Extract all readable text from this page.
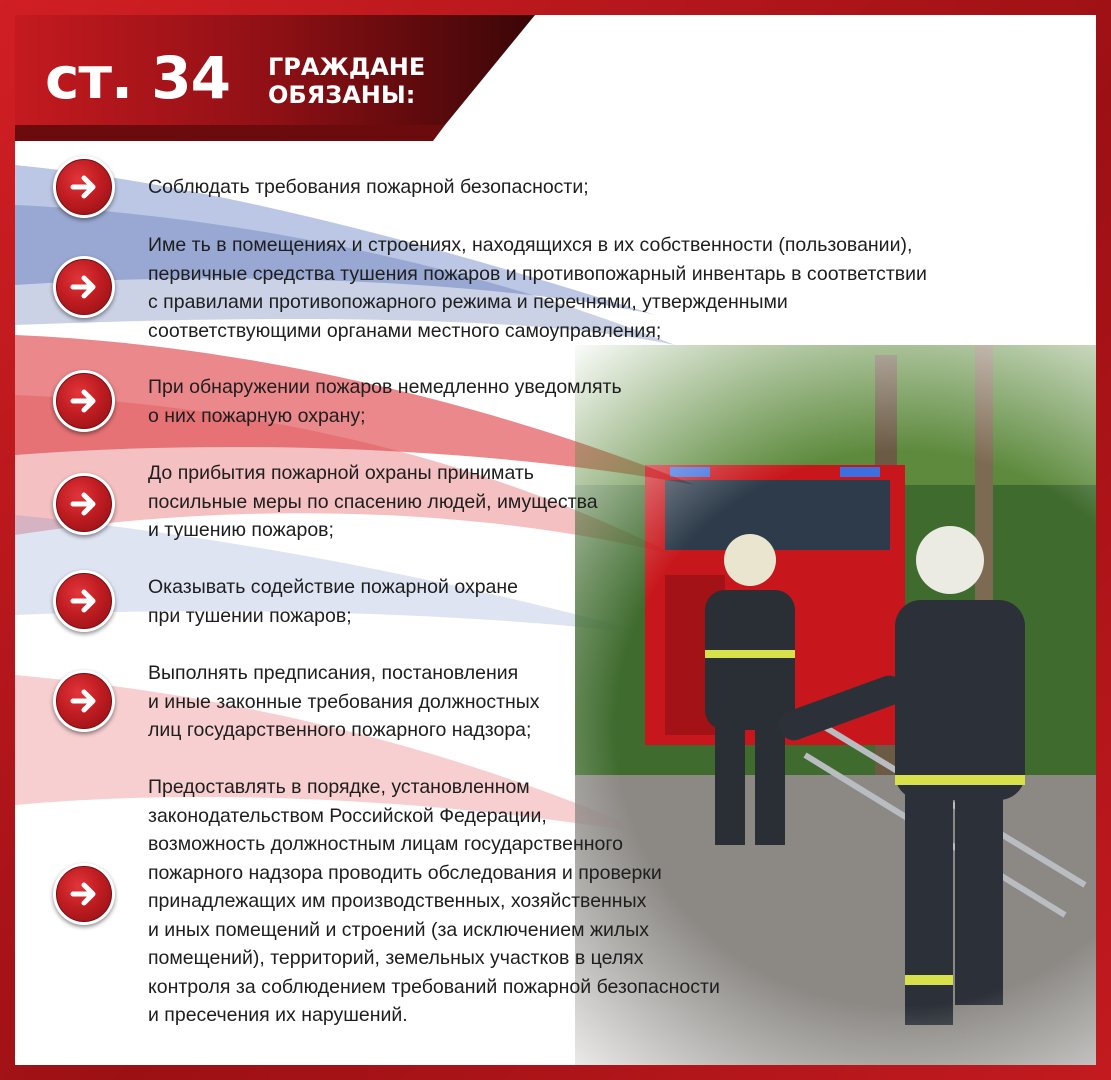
ст. 34 ГРАЖДАНЕ
ОБЯЗАНЫ:
Соблюдать требования пожарной безопасности;
Име ть в помещениях и строениях, находящихся в их собственности (пользовании),
первичные средства тушения пожаров и противопожарный инвентарь в соответствии
с правилами противопожарного режима и перечнями, утвержденными
соответствующими органами местного самоуправления;
При обнаружении пожаров немедленно уведомлять
о них пожарную охрану;
До прибытия пожарной охраны принимать
посильные меры по спасению людей, имущества
и тушению пожаров;
Оказывать содействие пожарной охране
при тушении пожаров;
Выполнять предписания, постановления
и иные законные требования должностных
лиц государственного пожарного надзора;
Предоставлять в порядке, установленном
законодательством Российской Федерации,
возможность должностным лицам государственного
пожарного надзора проводить обследования и проверки
принадлежащих им производственных, хозяйственных
и иных помещений и строений (за исключением жилых
помещений), территорий, земельных участков в целях
контроля за соблюдением требований пожарной безопасности
и пресечения их нарушений.
